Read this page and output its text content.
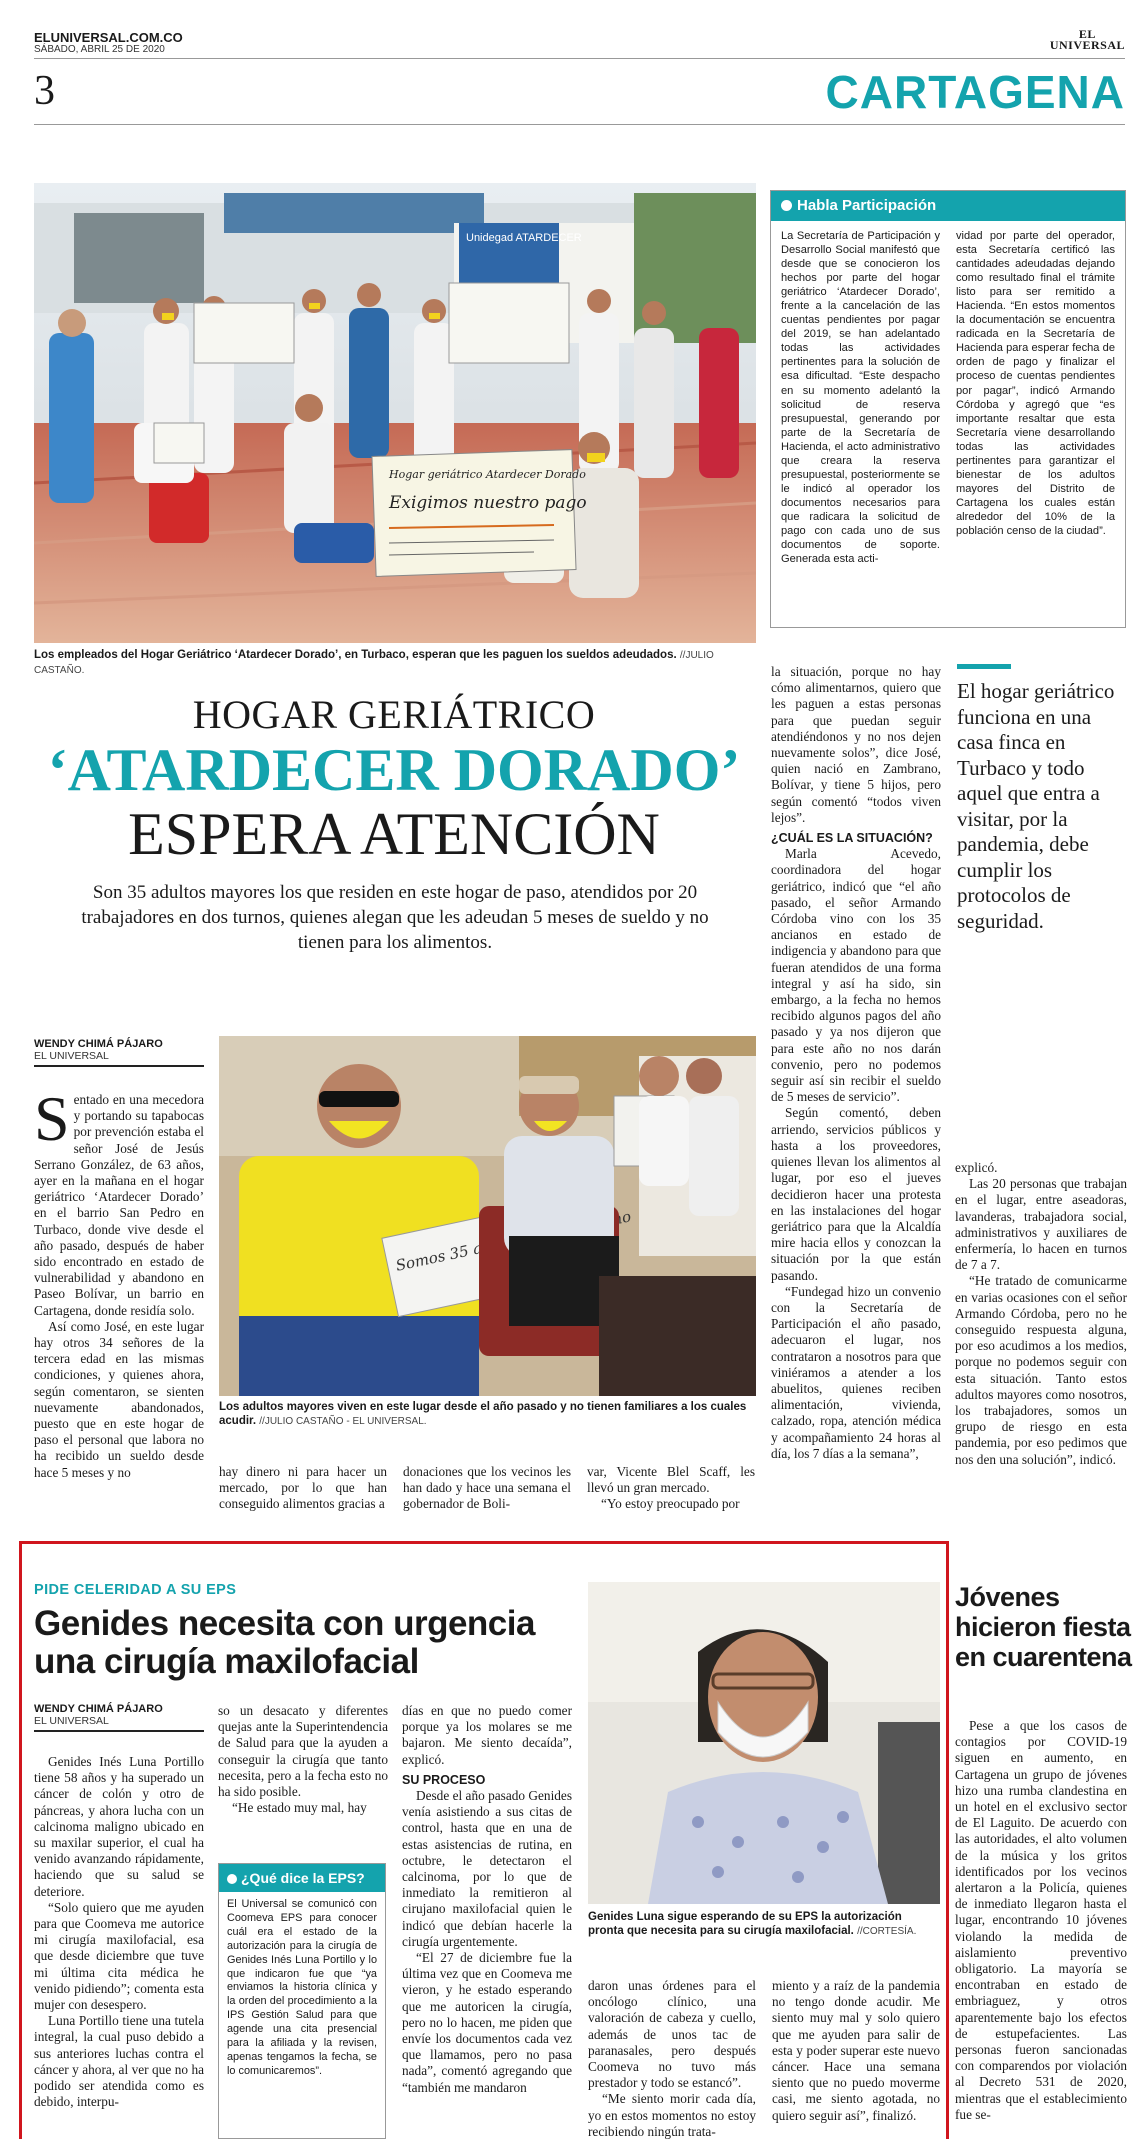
ELUNIVERSAL.COM.CO
SÁBADO, ABRIL 25 DE 2020
EL
UNIVERSAL
3	CARTAGENA
Unidegad ATARDECER
Hogar geriátrico Atardecer Dorado
Exigimos nuestro pago
Los empleados del Hogar Geriátrico ‘Atardecer Dorado’, en Turbaco, esperan que les paguen los sueldos adeudados. //JULIO CASTAÑO.
Habla Participación
La Secretaría de Participación y Desarrollo Social manifestó que desde que se conocieron los hechos por parte del hogar geriátrico ‘Atardecer Dorado’, frente a la cancelación de las cuentas pendientes por pagar del 2019, se han adelantado todas las actividades pertinentes para la solución de esa dificultad. “Este despacho en su momento adelantó la solicitud de reserva presupuestal, generando por parte de la Secretaría de Hacienda, el acto administrativo que creara la reserva presupuestal, posteriormente se le indicó al operador los documentos necesarios para que radicara la solicitud de pago con cada uno de sus documentos de soporte. Generada esta acti-
vidad por parte del operador, esta Secretaría certificó las cantidades adeudadas dejando como resultado final el trámite listo para ser remitido a Hacienda. “En estos momentos la documentación se encuentra radicada en la Secretaría de Hacienda para esperar fecha de orden de pago y finalizar el proceso de cuentas pendientes por pagar”, indicó Armando Córdoba y agregó que “es importante resaltar que esta Secretaría viene desarrollando todas las actividades pertinentes para garantizar el bienestar de los adultos mayores del Distrito de Cartagena los cuales están alrededor del 10% de la población censo de la ciudad”.
HOGAR GERIÁTRICO
‘ATARDECER DORADO’
ESPERA ATENCIÓN
Son 35 adultos mayores los que residen en este hogar de paso, atendidos por 20 trabajadores en dos turnos, quienes alegan que les adeudan 5 meses de sueldo y no tienen para los alimentos.

la situación, porque no hay cómo alimentarnos, quiero que les paguen a estas personas para que puedan seguir atendiéndonos y no nos dejen nuevamente solos”, dice José, quien nació en Zambrano, Bolívar, y tiene 5 hijos, pero según comentó “todos viven lejos”.

¿CUÁL ES LA SITUACIÓN?

Marla Acevedo, coordinadora del hogar geriátrico, indicó que “el año pasado, el señor Armando Córdoba vino con los 35 ancianos en estado de indigencia y abandono para que fueran atendidos de una forma integral y así ha sido, sin embargo, a la fecha no hemos recibido algunos pagos del año pasado y ya nos dijeron que para este año no nos darán convenio, pero no podemos seguir así sin recibir el sueldo de 5 meses de servicio”.

Según comentó, deben arriendo, servicios públicos y hasta a los proveedores, quienes llevan los alimentos al lugar, por eso el jueves decidieron hacer una protesta en las instalaciones del hogar geriátrico para que la Alcaldía mire hacia ellos y conozcan la situación por la que están pasando.

“Fundegad hizo un convenio con la Secretaría de Participación el año pasado, adecuaron el lugar, nos contrataron a nosotros para que viniéramos a atender a los abuelitos, quienes reciben alimentación, vivienda, calzado, ropa, atención médica y acompañamiento 24 horas al día, los 7 días a la semana”,

El hogar geriátrico funciona en una casa finca en Turbaco y todo aquel que entra a visitar, por la pandemia, debe cumplir los protocolos de seguridad.

explicó.

Las 20 personas que trabajan en el lugar, entre aseadoras, lavanderas, trabajadora social, administrativos y auxiliares de enfermería, lo hacen en turnos de 7 a 7.

“He tratado de comunicarme en varias ocasiones con el señor Armando Córdoba, pero no he conseguido respuesta alguna, por eso acudimos a los medios, porque no podemos seguir con esta situación. Tanto estos adultos mayores como nosotros, los trabajadores, somos un grupo de riesgo en esta pandemia, por eso pedimos que nos den una solución”, indicó.

WENDY CHIMÁ PÁJARO
EL UNIVERSAL

Sentado en una mecedora y portando su tapabocas por prevención estaba el señor José de Jesús Serrano González, de 63 años, ayer en la mañana en el hogar geriátrico ‘Atardecer Dorado’ en el barrio San Pedro en Turbaco, donde vive desde el año pasado, después de haber sido encontrado en estado de vulnerabilidad y abandono en Paseo Bolívar, un barrio en Cartagena, donde residía solo.

Así como José, en este lugar hay otros 34 señores de la tercera edad en las mismas condiciones, y quienes ahora, según comentaron, se sienten nuevamente abandonados, puesto que en este hogar de paso el personal que labora no ha recibido un sueldo desde hace 5 meses y no

Somos 35
Los adultos mayores viven en este lugar desde el año pasado y no tienen familiares a los cuales acudir. //JULIO CASTAÑO - EL UNIVERSAL.

hay dinero ni para hacer un mercado, por lo que han conseguido alimentos gracias a

donaciones que los vecinos les han dado y hace una semana el gobernador de Boli-

var, Vicente Blel Scaff, les llevó un gran mercado.

“Yo estoy preocupado por

PIDE CELERIDAD A SU EPS
Genides necesita con urgencia una cirugía maxilofacial
WENDY CHIMÁ PÁJARO
EL UNIVERSAL

Genides Inés Luna Portillo tiene 58 años y ha superado un cáncer de colón y otro de páncreas, y ahora lucha con un calcinoma maligno ubicado en su maxilar superior, el cual ha venido avanzando rápidamente, haciendo que su salud se deteriore.

“Solo quiero que me ayuden para que Coomeva me autorice mi cirugía maxilofacial, esa que desde diciembre que tuve mi última cita médica he venido pidiendo”; comenta esta mujer con desespero.

Luna Portillo tiene una tutela integral, la cual puso debido a sus anteriores luchas contra el cáncer y ahora, al ver que no ha podido ser atendida como es debido, interpu-

so un desacato y diferentes quejas ante la Superintendencia de Salud para que la ayuden a conseguir la cirugía que tanto necesita, pero a la fecha esto no ha sido posible.

“He estado muy mal, hay

¿Qué dice la EPS?
El Universal se comunicó con Coomeva EPS para conocer cuál era el estado de la autorización para la cirugía de Genides Inés Luna Portillo y lo que indicaron fue que “ya enviamos la historia clínica y la orden del procedimiento a la IPS Gestión Salud para que agende una cita presencial para la afiliada y la revisen, apenas tengamos la fecha, se lo comunicaremos”.

días en que no puedo comer porque ya los molares se me bajaron. Me siento decaída”, explicó.

SU PROCESO

Desde el año pasado Genides venía asistiendo a sus citas de control, hasta que en una de estas asistencias de rutina, en octubre, le detectaron el calcinoma, por lo que de inmediato la remitieron al cirujano maxilofacial quien le indicó que debían hacerle la cirugía urgentemente.

“El 27 de diciembre fue la última vez que en Coomeva me vieron, y he estado esperando que me autoricen la cirugía, pero no lo hacen, me piden que envíe los documentos cada vez que llamamos, pero no pasa nada”, comentó agregando que “también me mandaron

Genides Luna sigue esperando de su EPS la autorización pronta que necesita para su cirugía maxilofacial. //CORTESÍA.

daron unas órdenes para el oncólogo clínico, una valoración de cabeza y cuello, además de unos tac de paranasales, pero después Coomeva no tuvo más prestador y todo se estancó”.

“Me siento morir cada día, yo en estos momentos no estoy recibiendo ningún trata-

miento y a raíz de la pandemia no tengo donde acudir. Me siento muy mal y solo quiero que me ayuden para salir de esta y poder superar este nuevo cáncer. Hace una semana siento que no puedo moverme casi, me siento agotada, no quiero seguir así”, finalizó.

Jóvenes hicieron fiesta en cuarentena

Pese a que los casos de contagios por COVID-19 siguen en aumento, en Cartagena un grupo de jóvenes hizo una rumba clandestina en un hotel en el exclusivo sector de El Laguito. De acuerdo con las autoridades, el alto volumen de la música y los gritos identificados por los vecinos alertaron a la Policía, quienes de inmediato llegaron hasta el lugar, encontrando 10 jóvenes violando la medida de aislamiento preventivo obligatorio. La mayoría se encontraban en estado de embriaguez, y otros aparentemente bajo los efectos de estupefacientes. Las personas fueron sancionadas con comparendos por violación al Decreto 531 de 2020, mientras que el establecimiento fue se-
